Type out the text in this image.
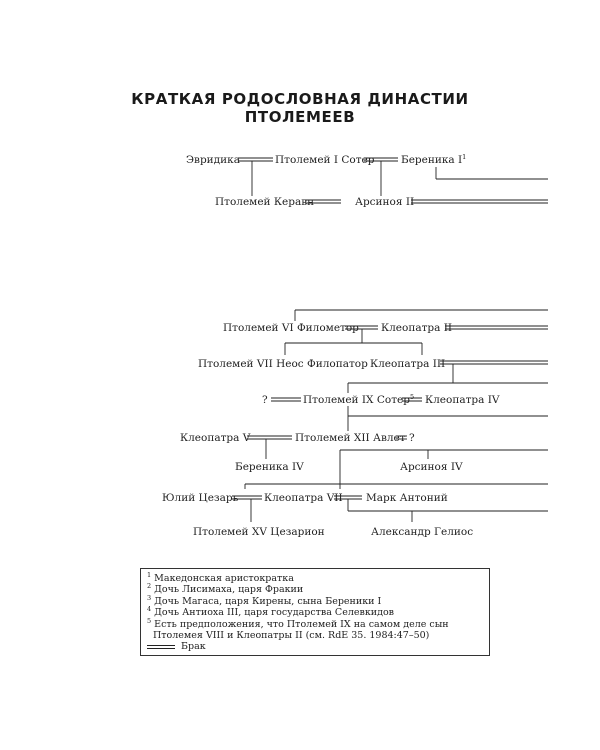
КРАТКАЯ РОДОСЛОВНАЯ ДИНАСТИИ
ПТОЛЕМЕЕВ
Эвридика	Птолемей I Сотер	Береника $I^1$
Птолемей Керавн	Арсиноя II
Птолемей VI Филометор Клеопатра II
Птолемей VII Неос Филопатор Клеопатра III
?	Птолемей IX Сотер$^5$ Клеопатра IV
Клеопатра V	Птолемей XII Авлет ?
Береника IV	Арсиноя IV
Юлий Цезарь Клеопатра VII Марк Антоний
Птолемей XV Цезарион	Александр Гелиос
$^1$ Македонская аристократка
$^2$ Дочь Лисимаха, царя Фракии
$^3$ Дочь Магаса, царя Кирены, сына Береники I
$^4$ Дочь Антиоха III, царя государства Селевкидов
$^5$ Есть предположения, что Птолемей IX на самом деле сын
Птолемея VIII и Клеопатры II (см. RdE 35. 1984:47–50)
Брак
